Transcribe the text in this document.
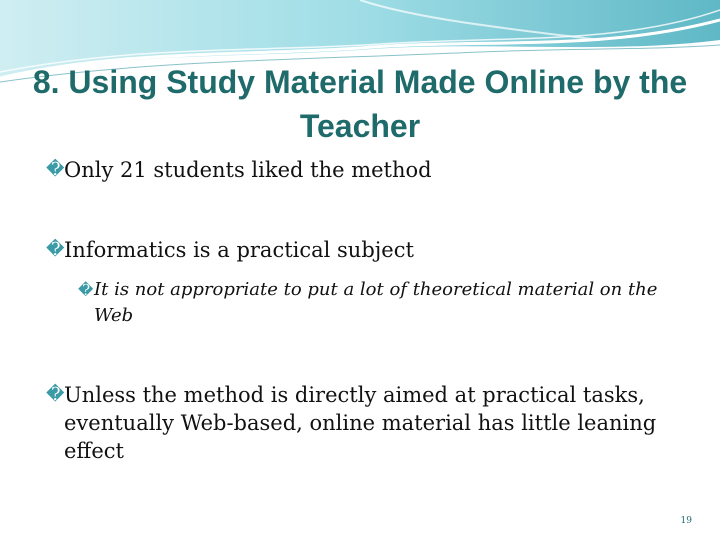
8. Using Study Material Made Online by the Teacher
� Only 21 students liked the method
� Informatics is a practical subject
� It is not appropriate to put a lot of theoretical material on the Web
� Unless the method is directly aimed at practical tasks, eventually Web-based, online material has little leaning effect
19
